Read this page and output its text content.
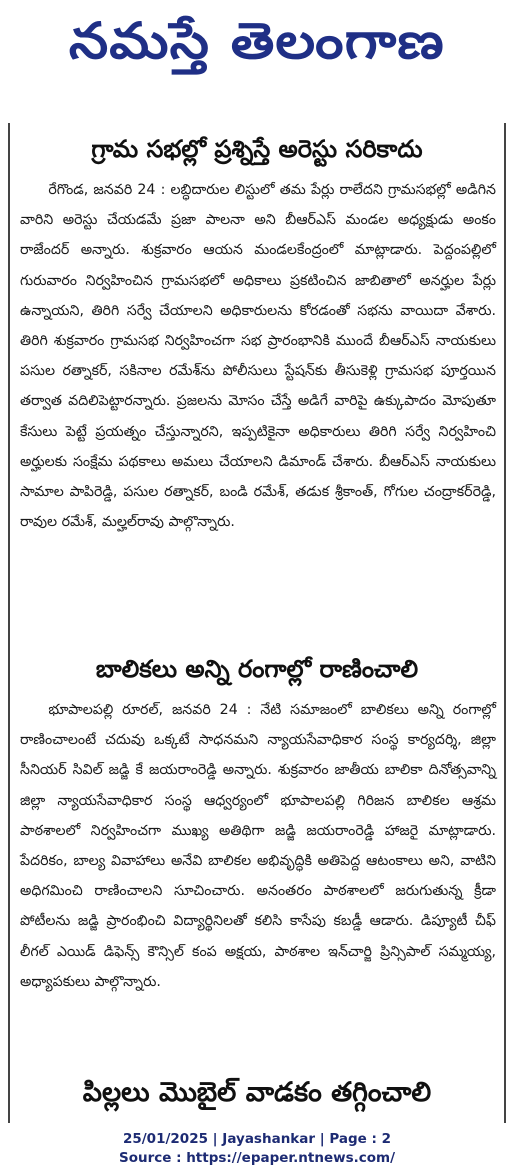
నమస్తే తెలంగాణ
గ్రామ సభల్లో ప్రశ్నిస్తే అరెస్టు సరికాదు

రేగొండ, జనవరి 24 : లబ్ధిదారుల లిస్టులో తమ పేర్లు రాలేదని గ్రామసభల్లో అడిగిన వారిని అరెస్టు చేయడమే ప్రజా పాలనా అని బీఆర్ఎస్ మండల అధ్యక్షుడు అంకం రాజేందర్ అన్నారు. శుక్రవారం ఆయన మండలకేంద్రంలో మాట్లాడారు. పెద్దంపల్లిలో గురువారం నిర్వహించిన గ్రామసభలో అధికాలు ప్రకటించిన జాబితాలో అనర్హుల పేర్లు ఉన్నాయని, తిరిగి సర్వే చేయాలని అధికారులను కోరడంతో సభను వాయిదా వేశారు. తిరిగి శుక్రవారం గ్రామసభ నిర్వహించగా సభ ప్రారంభానికి ముందే బీఆర్ఎస్ నాయకులు పసుల రత్నాకర్, సకినాల రమేశ్‌ను పోలీసులు స్టేషన్‌కు తీసుకెళ్లి గ్రామసభ పూర్తయిన తర్వాత వదిలిపెట్టారన్నారు. ప్రజలను మోసం చేస్తే అడిగే వారిపై ఉక్కుపాదం మోపుతూ కేసులు పెట్టే ప్రయత్నం చేస్తున్నారని, ఇప్పటికైనా అధికారులు తిరిగి సర్వే నిర్వహించి అర్హులకు సంక్షేమ పథకాలు అమలు చేయాలని డిమాండ్ చేశారు. బీఆర్ఎస్ నాయకులు సామాల పాపిరెడ్డి, పసుల రత్నాకర్, బండి రమేశ్, తడుక శ్రీకాంత్, గోగుల చంద్రాకర్‌రెడ్డి, రావుల రమేశ్, మల్హల్‌రావు పాల్గొన్నారు.

బాలికలు అన్ని రంగాల్లో రాణించాలి

భూపాలపల్లి రూరల్, జనవరి 24 : నేటి సమాజంలో బాలికలు అన్ని రంగాల్లో రాణించాలంటే చదువు ఒక్కటే సాధనమని న్యాయసేవాధికార సంస్థ కార్యదర్శి, జిల్లా సీనియర్ సివిల్ జడ్జి కే జయరాంరెడ్డి అన్నారు. శుక్రవారం జాతీయ బాలికా దినోత్సవాన్ని జిల్లా న్యాయసేవాధికార సంస్థ ఆధ్వర్యంలో భూపాలపల్లి గిరిజన బాలికల ఆశ్రమ పాఠశాలలో నిర్వహించగా ముఖ్య అతిథిగా జడ్జి జయరాంరెడ్డి హాజరై మాట్లాడారు. పేదరికం, బాల్య వివాహాలు అనేవి బాలికల అభివృద్ధికి అతిపెద్ద ఆటంకాలు అని, వాటిని అధిగమించి రాణించాలని సూచించారు. అనంతరం పాఠశాలలో జరుగుతున్న క్రీడా పోటీలను జడ్జి ప్రారంభించి విద్యార్థినిలతో కలిసి కాసేపు కబడ్డీ ఆడారు. డిప్యూటీ చీఫ్ లీగల్ ఎయిడ్ డిఫెన్స్ కౌన్సిల్ కంప అక్షయ, పాఠశాల ఇన్‌చార్జి ప్రిన్సిపాల్ సమ్మయ్య, అధ్యాపకులు పాల్గొన్నారు.

పిల్లలు మొబైల్ వాడకం తగ్గించాలి
25/01/2025 | Jayashankar | Page : 2
Source : https://epaper.ntnews.com/
